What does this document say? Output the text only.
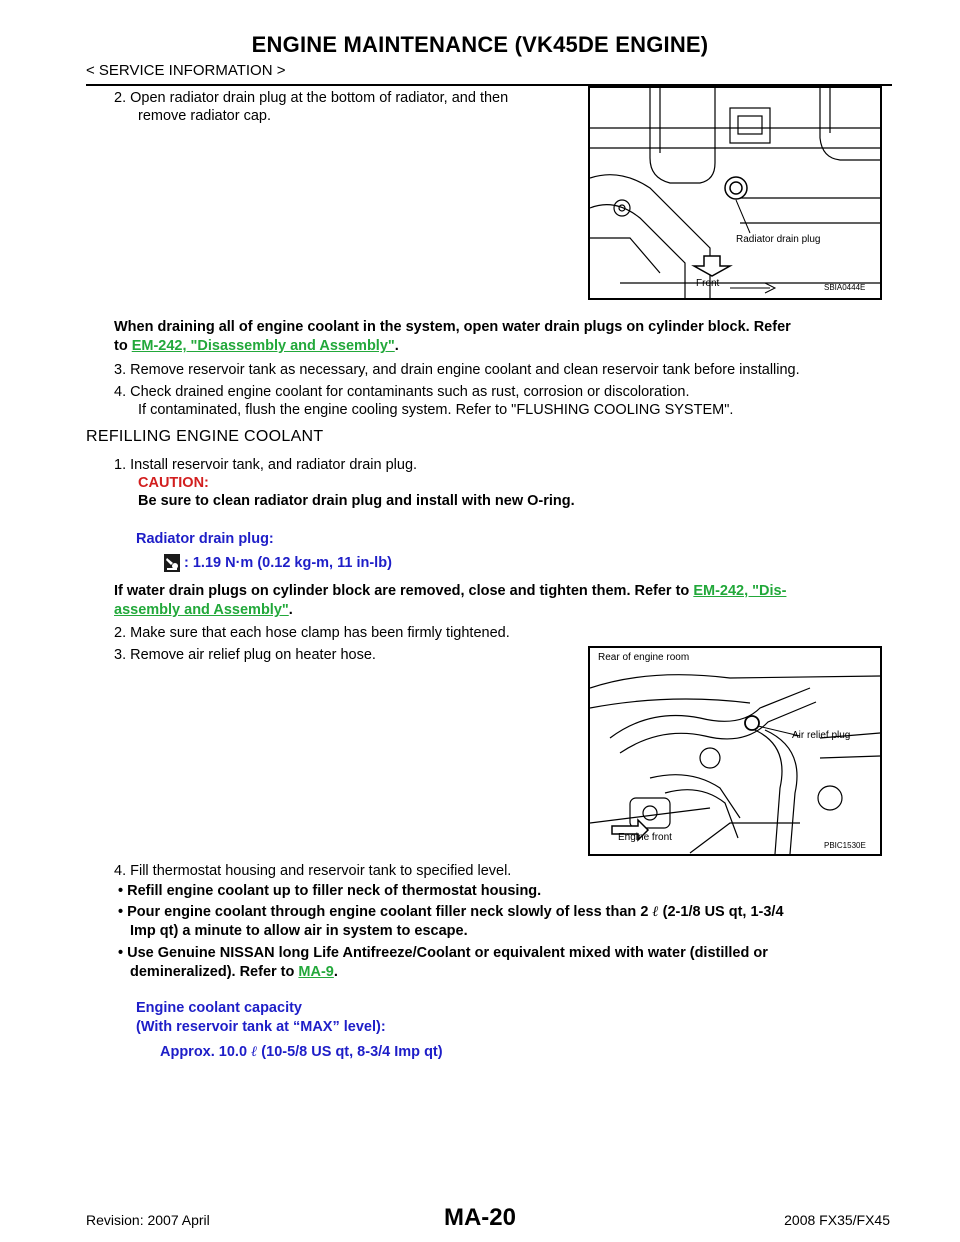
ENGINE MAINTENANCE (VK45DE ENGINE)
< SERVICE INFORMATION >
2. Open radiator drain plug at the bottom of radiator, and then
remove radiator cap.
Radiator drain plug
Front	SBIA0444E
When draining all of engine coolant in the system, open water drain plugs on cylinder block. Refer
to EM-242, "Disassembly and Assembly".
3. Remove reservoir tank as necessary, and drain engine coolant and clean reservoir tank before installing.
4. Check drained engine coolant for contaminants such as rust, corrosion or discoloration.
If contaminated, flush the engine cooling system. Refer to "FLUSHING COOLING SYSTEM".
REFILLING ENGINE COOLANT
1. Install reservoir tank, and radiator drain plug.
CAUTION:
Be sure to clean radiator drain plug and install with new O-ring.
Radiator drain plug:
: 1.19 N·m (0.12 kg-m, 11 in-lb)
If water drain plugs on cylinder block are removed, close and tighten them. Refer to EM-242, "Dis-
assembly and Assembly".
2. Make sure that each hose clamp has been firmly tightened.
3. Remove air relief plug on heater hose.	Rear of engine room
Air relief plug
Engine front
PBIC1530E
4. Fill thermostat housing and reservoir tank to specified level.
• Refill engine coolant up to filler neck of thermostat housing.
• Pour engine coolant through engine coolant filler neck slowly of less than 2 ℓ (2-1/8 US qt, 1-3/4
Imp qt) a minute to allow air in system to escape.
• Use Genuine NISSAN long Life Antifreeze/Coolant or equivalent mixed with water (distilled or
demineralized). Refer to MA-9.
Engine coolant capacity
(With reservoir tank at “MAX” level):
Approx. 10.0 ℓ (10-5/8 US qt, 8-3/4 Imp qt)
MA-20
Revision: 2007 April	2008 FX35/FX45
